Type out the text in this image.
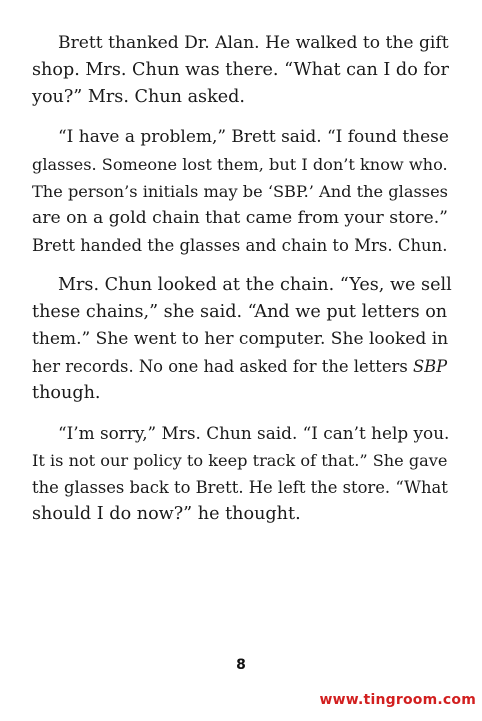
Brett thanked Dr. Alan. He walked to the gift
shop. Mrs. Chun was there. “What can I do for
you?” Mrs. Chun asked.

“I have a problem,” Brett said. “I found these
glasses. Someone lost them, but I don’t know who.
The person’s initials may be ‘SBP.’ And the glasses
are on a gold chain that came from your store.”
Brett handed the glasses and chain to Mrs. Chun.

Mrs. Chun looked at the chain. “Yes, we sell
these chains,” she said. “And we put letters on
them.” She went to her computer. She looked in
her records. No one had asked for the letters SBP
though.

“I’m sorry,” Mrs. Chun said. “I can’t help you.
It is not our policy to keep track of that.” She gave
the glasses back to Brett. He left the store. “What
should I do now?” he thought.

8
www.tingroom.com
